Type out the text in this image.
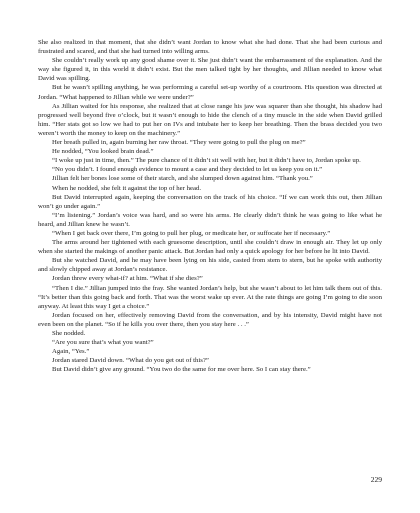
She also realized in that moment, that she didn’t want Jordan to know what she had done. That she had been curious and frustrated and scared, and that she had turned into willing arms.

She couldn’t really work up any good shame over it. She just didn’t want the embarrassment of the explanation. And the way she figured it, in this world it didn’t exist. But the men talked tight by her thoughts, and Jillian needed to know what David was spilling.

But he wasn’t spilling anything, he was performing a careful set-up worthy of a courtroom. His question was directed at Jordan. “What happened to Jillian while we were under?”

As Jillian waited for his response, she realized that at close range his jaw was squarer than she thought, his shadow had progressed well beyond five o’clock, but it wasn’t enough to hide the clench of a tiny muscle in the side when David grilled him. “Her stats got so low we had to put her on IVs and intubate her to keep her breathing. Then the brass decided you two weren’t worth the money to keep on the machinery.”

Her breath pulled in, again burning her raw throat. “They were going to pull the plug on me?”

He nodded, “You looked brain dead.”

“I woke up just in time, then.” The pure chance of it didn’t sit well with her, but it didn’t have to, Jordan spoke up.

“No you didn’t. I found enough evidence to mount a case and they decided to let us keep you on it.”

Jillian felt her bones lose some of their starch, and she slumped down against him. “Thank you.”

When he nodded, she felt it against the top of her head.

But David interrupted again, keeping the conversation on the track of his choice. “If we can work this out, then Jillian won’t go under again.”

“I’m listening.” Jordan’s voice was hard, and so were his arms. He clearly didn’t think he was going to like what he heard, and Jillian knew he wasn’t.

“When I get back over there, I’m going to pull her plug, or medicate her, or suffocate her if necessary.”

The arms around her tightened with each gruesome description, until she couldn’t draw in enough air. They let up only when she started the makings of another panic attack. But Jordan had only a quick apology for her before he lit into David.

But she watched David, and he may have been lying on his side, casted from stem to stern, but he spoke with authority and slowly chipped away at Jordan’s resistance.

Jordan threw every what-if? at him. “What if she dies?”

“Then I die.” Jillian jumped into the fray. She wanted Jordan’s help, but she wasn’t about to let him talk them out of this. “It’s better than this going back and forth. That was the worst wake up ever. At the rate things are going I’m going to die soon anyway. At least this way I get a choice.”

Jordan focused on her, effectively removing David from the conversation, and by his intensity, David might have not even been on the planet. “So if he kills you over there, then you stay here . . .”

She nodded.

“Are you sure that’s what you want?”

Again, “Yes.”

Jordan stared David down. “What do you get out of this?”

But David didn’t give any ground. “You two do the same for me over here. So I can stay there.”

229
